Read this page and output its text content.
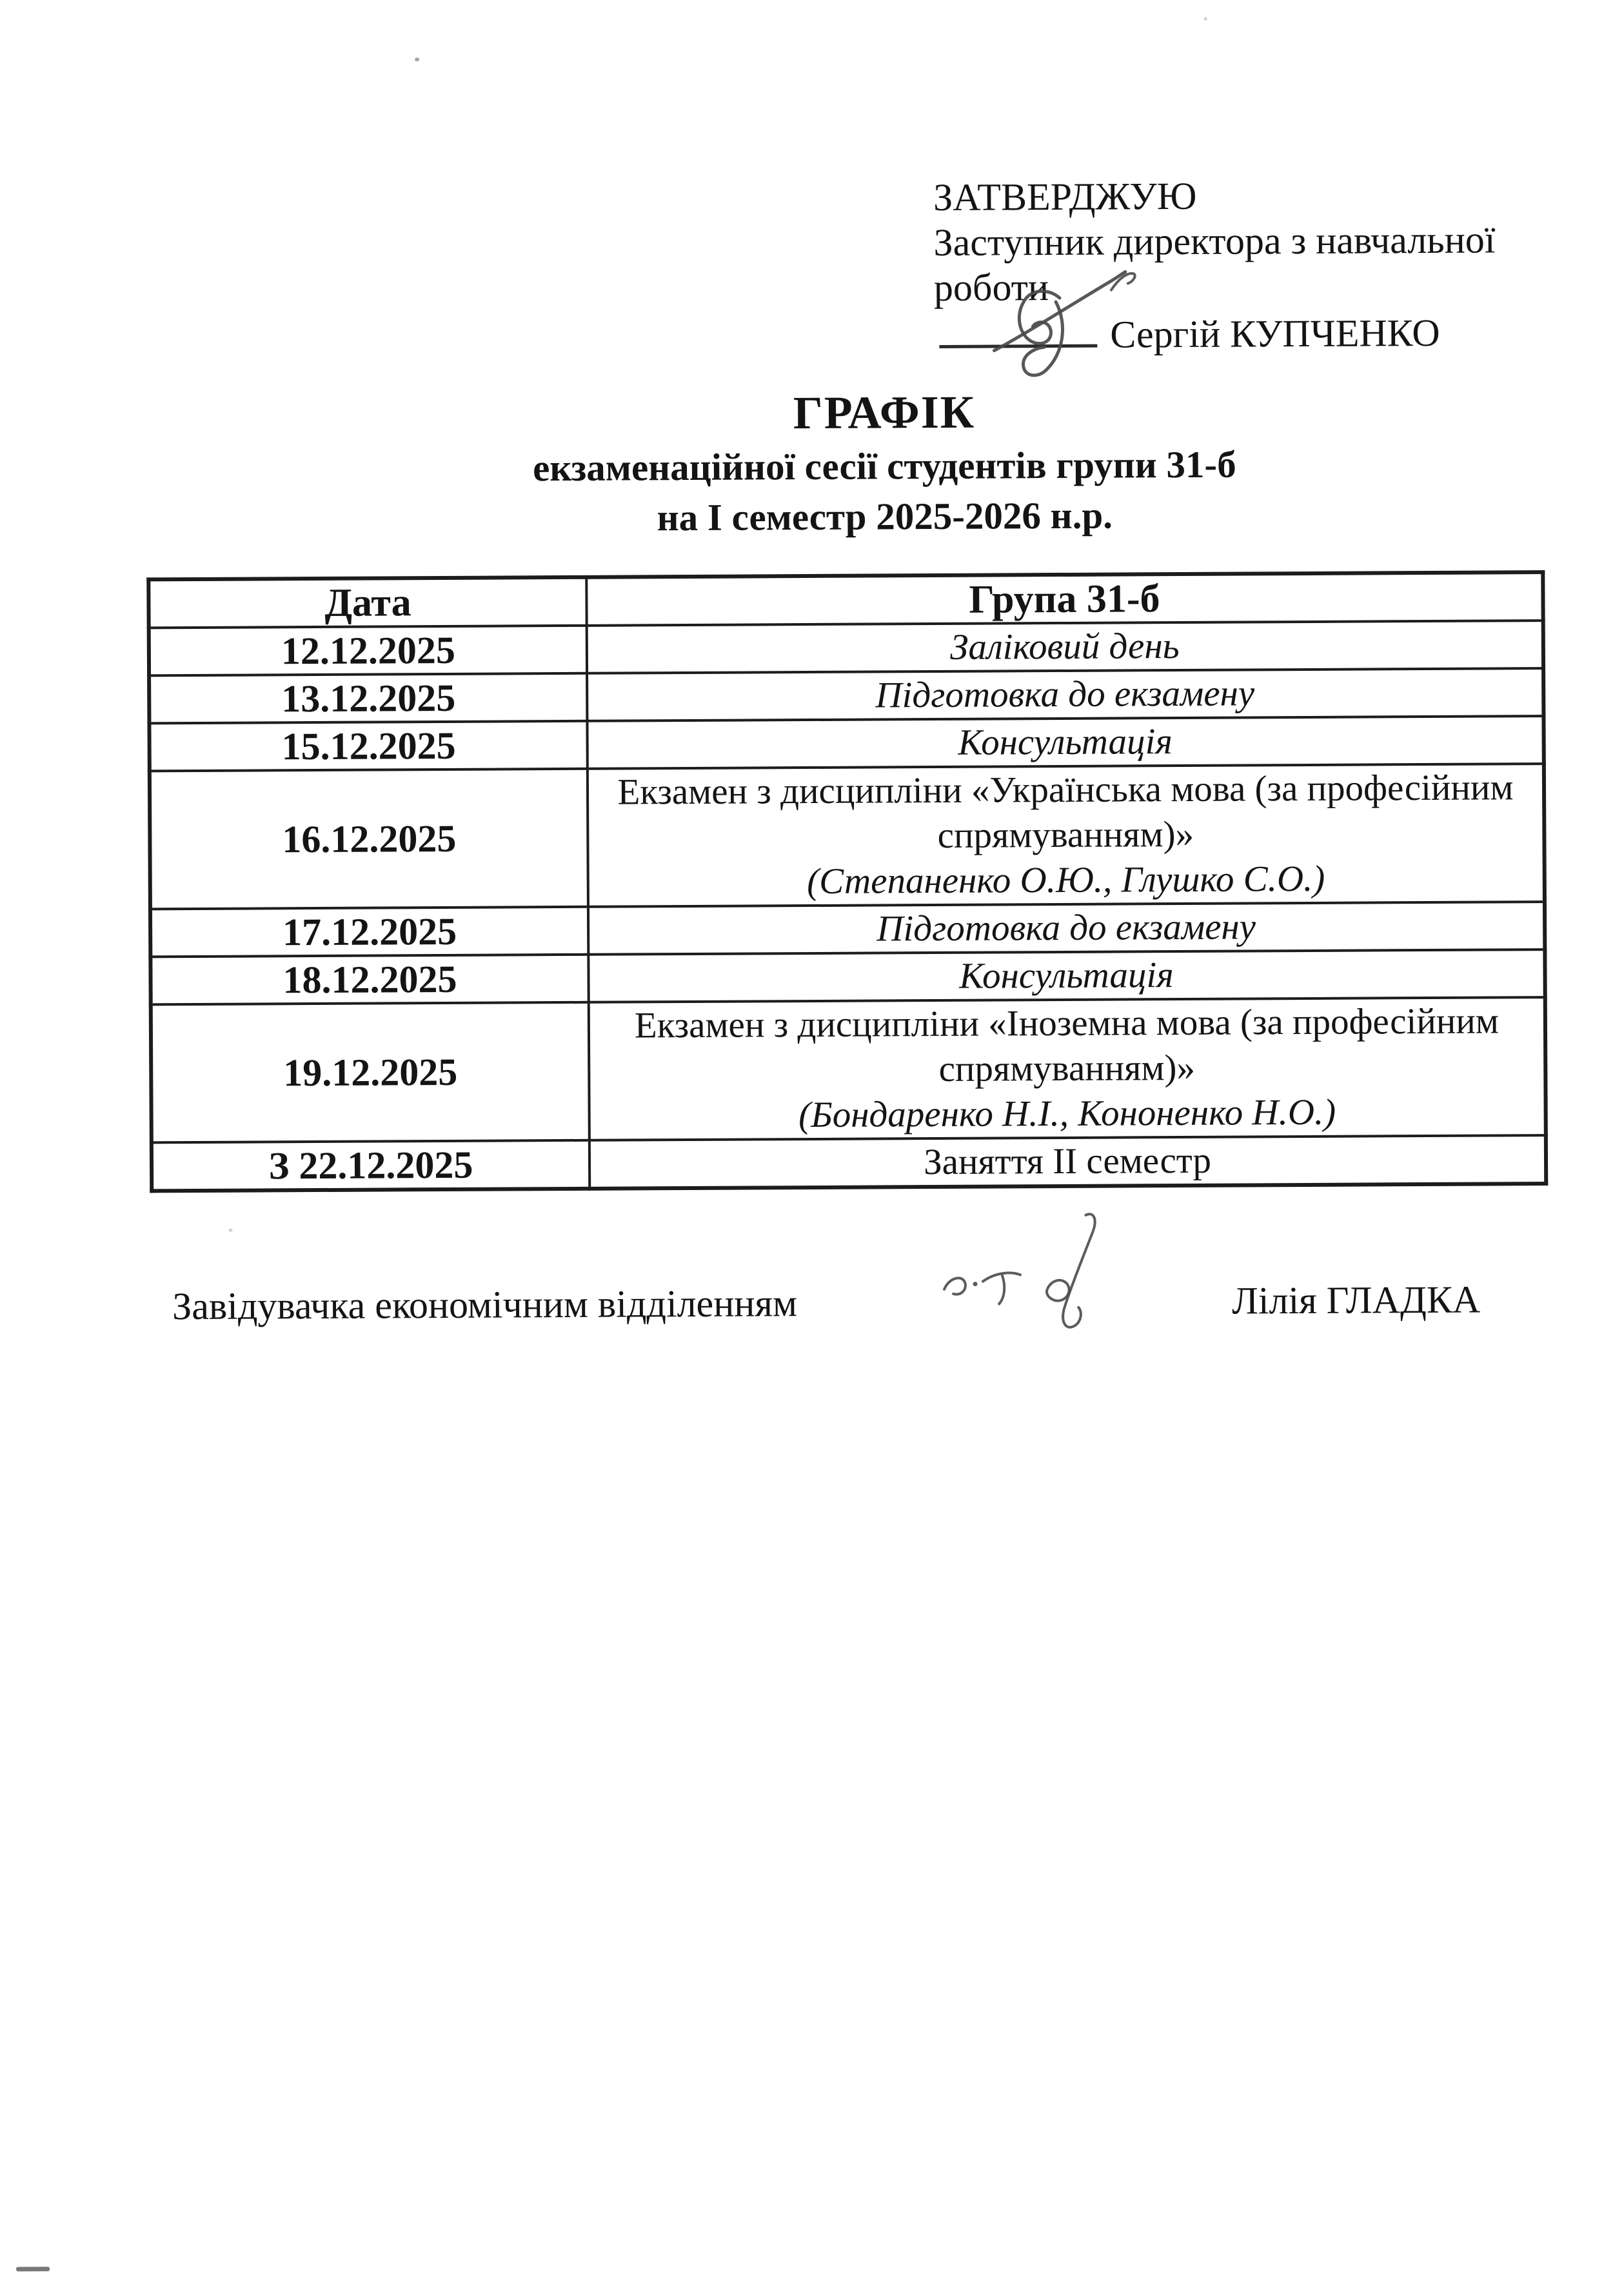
ЗАТВЕРДЖУЮ
Заступник директора з навчальної
роботи
Сергій КУПЧЕНКО
ГРАФІК
екзаменаційної сесії студентів групи 31-б
на І семестр 2025-2026 н.р.
Дата	Група 31-б
12.12.2025	Заліковий день

13.12.2025	Підготовка до екзамену

15.12.2025	Консультація

16.12.2025	Екзамен з дисципліни «Українська мова (за професійним
спрямуванням)»
(Степаненко О.Ю., Глушко С.О.)

17.12.2025	Підготовка до екзамену

18.12.2025	Консультація

19.12.2025	Екзамен з дисципліни «Іноземна мова (за професійним
спрямуванням)»
(Бондаренко Н.І., Кононенко Н.О.)

З 22.12.2025	Заняття ІІ семестр
Завідувачка економічним відділенням	Лілія ГЛАДКА
